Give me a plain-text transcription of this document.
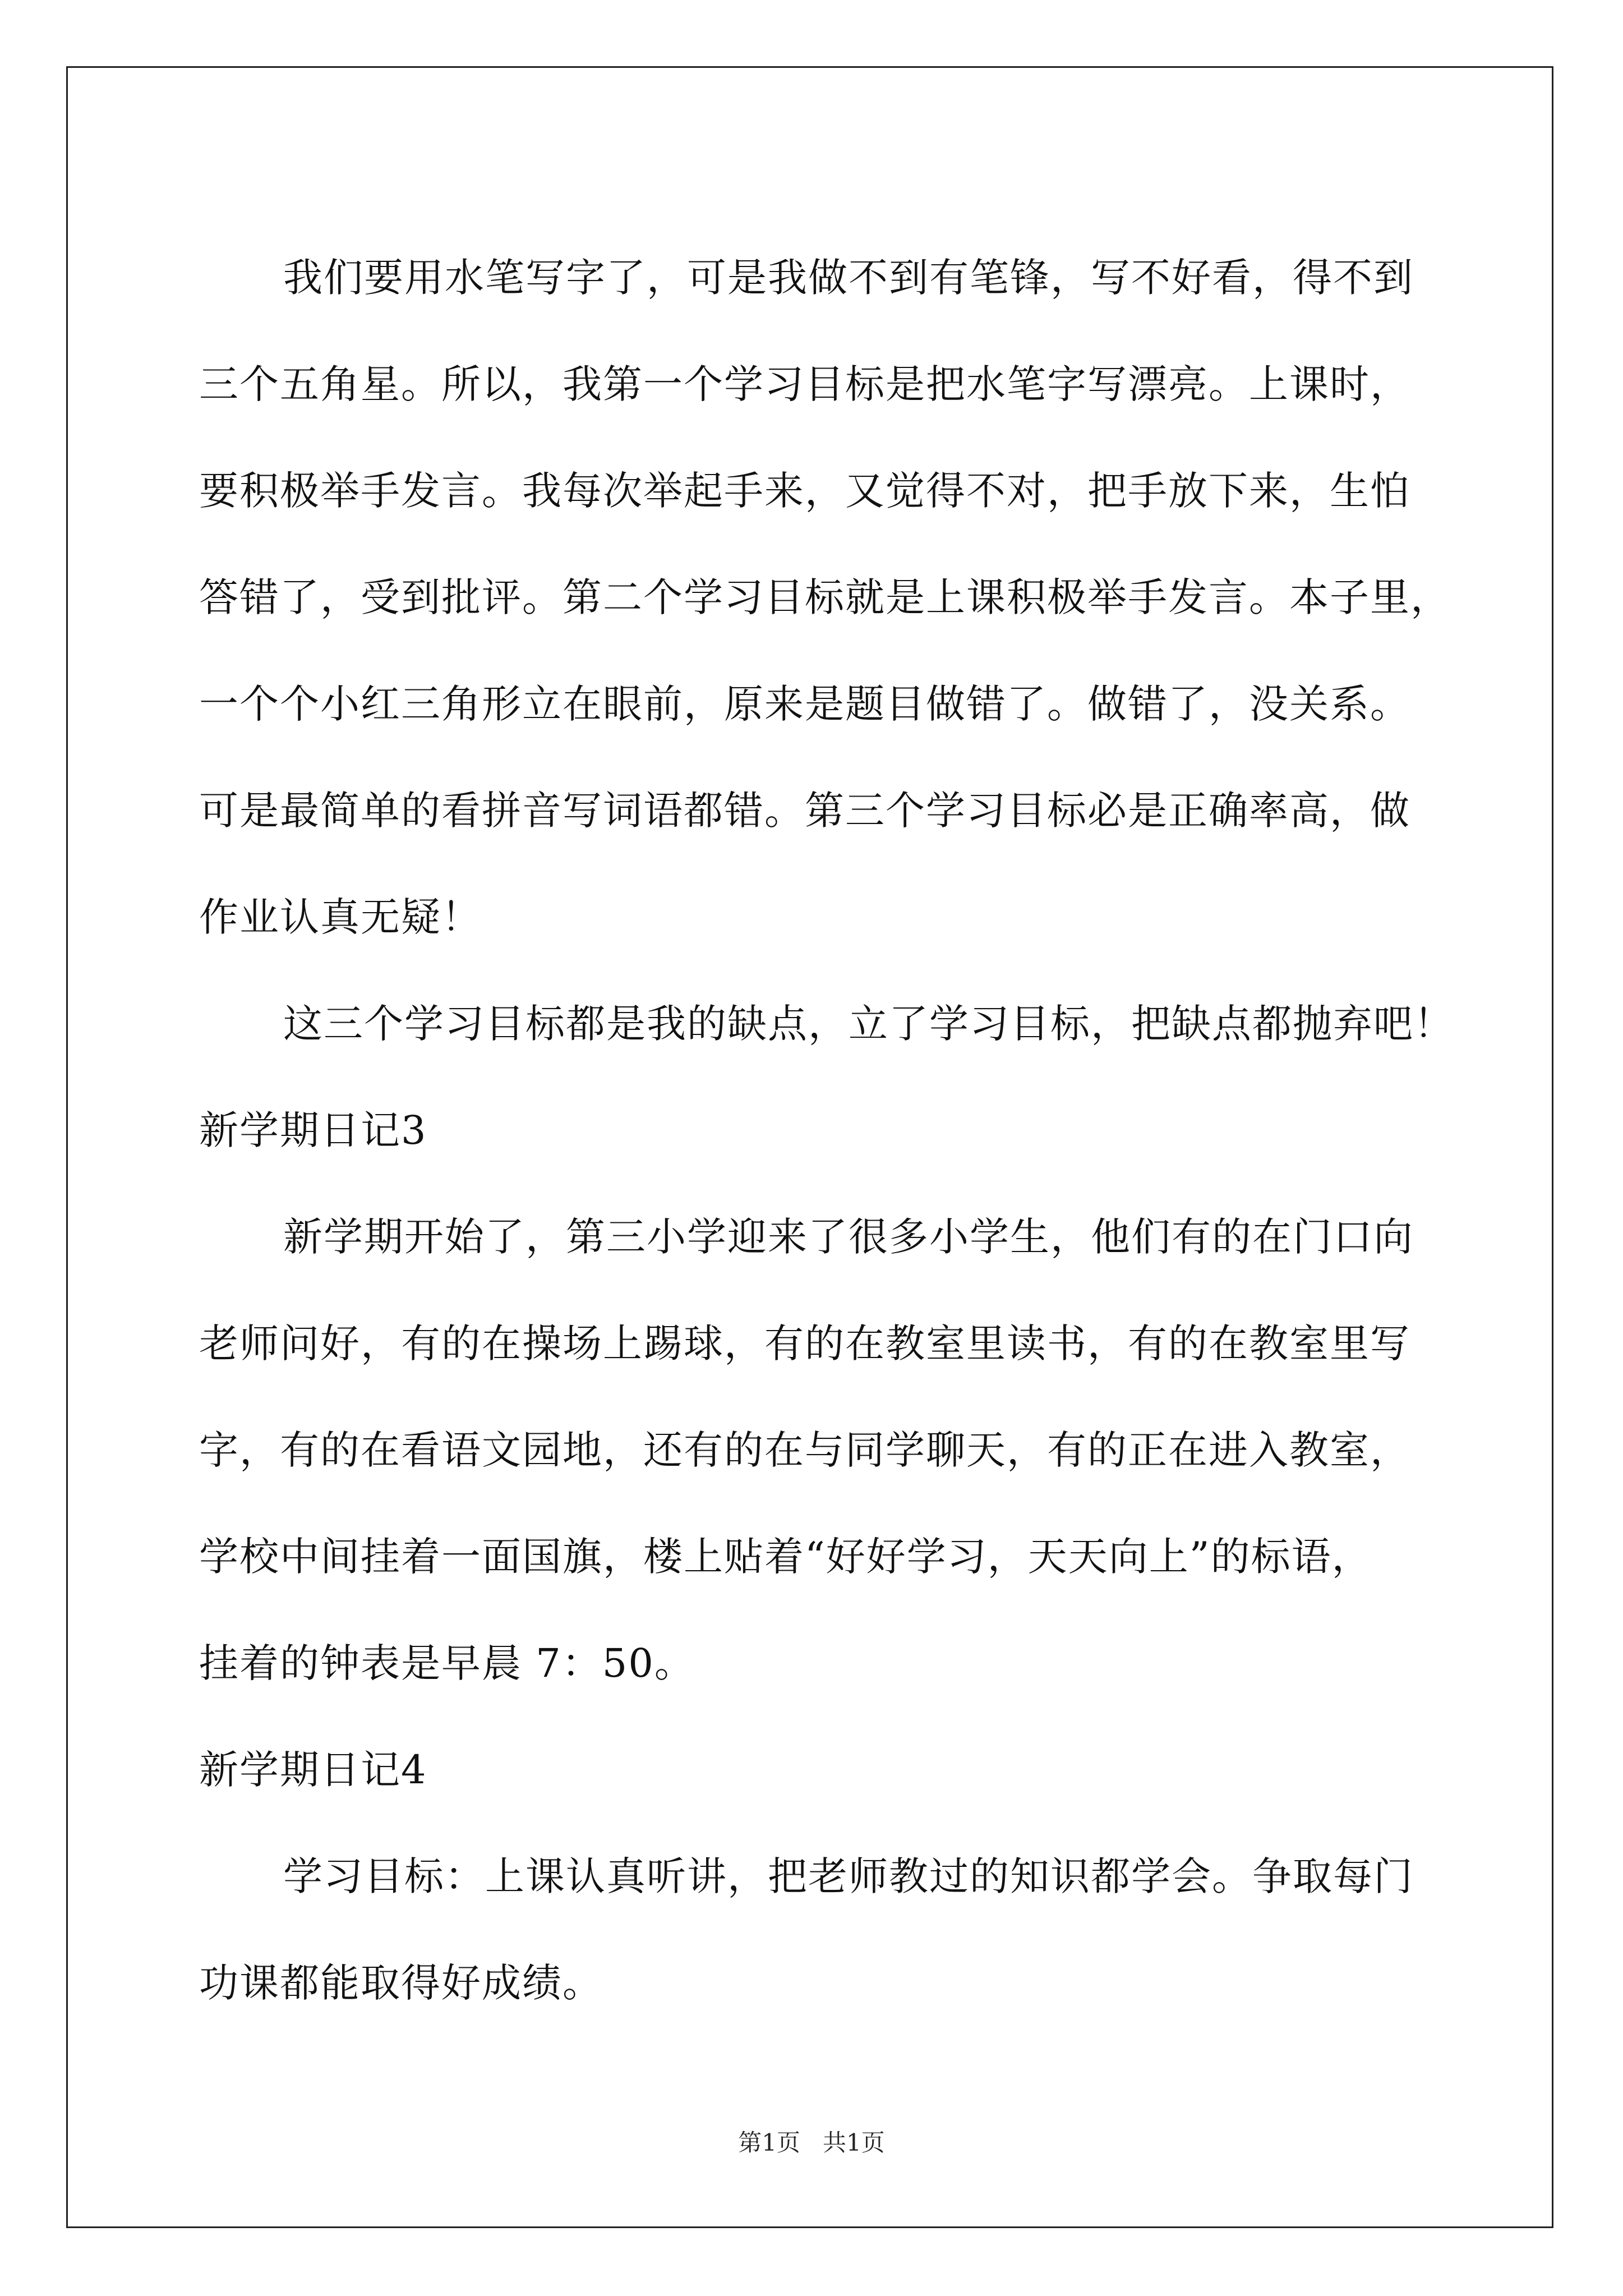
我们要用水笔写字了，可是我做不到有笔锋，写不好看，得不到
三个五角星。所以，我第一个学习目标是把水笔字写漂亮。上课时，
要积极举手发言。我每次举起手来，又觉得不对，把手放下来，生怕
答错了，受到批评。第二个学习目标就是上课积极举手发言。本子里，
一个个小红三角形立在眼前，原来是题目做错了。做错了，没关系。
可是最简单的看拼音写词语都错。第三个学习目标必是正确率高，做
作业认真无疑！
这三个学习目标都是我的缺点，立了学习目标，把缺点都抛弃吧！
新学期日记3
新学期开始了，第三小学迎来了很多小学生，他们有的在门口向
老师问好，有的在操场上踢球，有的在教室里读书，有的在教室里写
字，有的在看语文园地，还有的在与同学聊天，有的正在进入教室，
学校中间挂着一面国旗，楼上贴着“好好学习，天天向上”的标语，
挂着的钟表是早晨 7：50。
新学期日记4
学习目标：上课认真听讲，把老师教过的知识都学会。争取每门
功课都能取得好成绩。
第1页 共1页
